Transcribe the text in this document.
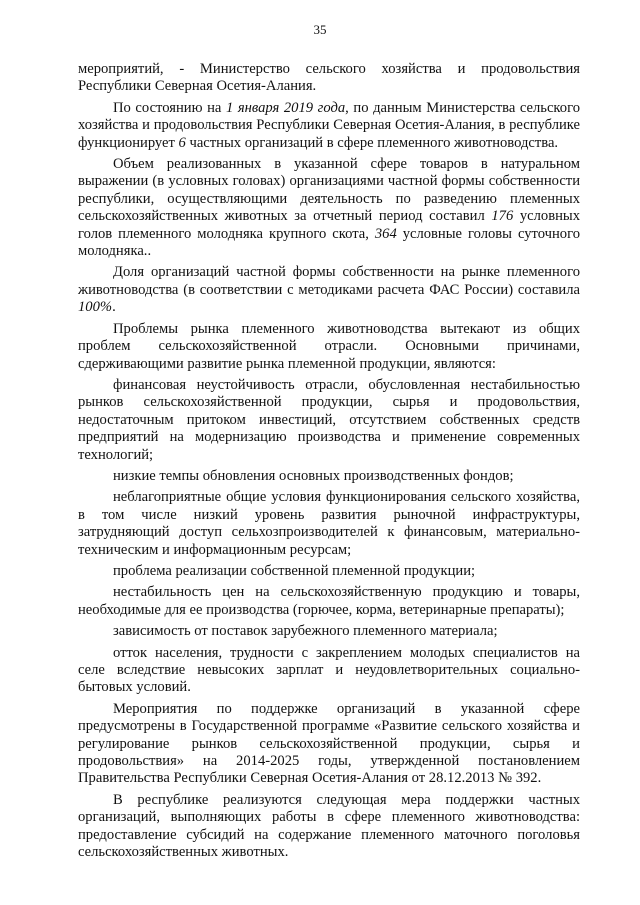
35

мероприятий, - Министерство сельского хозяйства и продовольствия Республики Северная Осетия-Алания.

По состоянию на 1 января 2019 года, по данным Министерства сельского хозяйства и продовольствия Республики Северная Осетия-Алания, в республике функционирует 6 частных организаций в сфере племенного животноводства.

Объем реализованных в указанной сфере товаров в натуральном выражении (в условных головах) организациями частной формы собственности республики, осуществляющими деятельность по разведению племенных сельскохозяйственных животных за отчетный период составил 176 условных голов племенного молодняка крупного скота, 364 условные головы суточного молодняка..

Доля организаций частной формы собственности на рынке племенного животноводства (в соответствии с методиками расчета ФАС России) составила 100%.

Проблемы рынка племенного животноводства вытекают из общих проблем сельскохозяйственной отрасли. Основными причинами, сдерживающими развитие рынка племенной продукции, являются:

финансовая неустойчивость отрасли, обусловленная нестабильностью рынков сельскохозяйственной продукции, сырья и продовольствия, недостаточным притоком инвестиций, отсутствием собственных средств предприятий на модернизацию производства и применение современных технологий;

низкие темпы обновления основных производственных фондов;

неблагоприятные общие условия функционирования сельского хозяйства, в том числе низкий уровень развития рыночной инфраструктуры, затрудняющий доступ сельхозпроизводителей к финансовым, материально-техническим и информационным ресурсам;

проблема реализации собственной племенной продукции;

нестабильность цен на сельскохозяйственную продукцию и товары, необходимые для ее производства (горючее, корма, ветеринарные препараты);

зависимость от поставок зарубежного племенного материала;

отток населения, трудности с закреплением молодых специалистов на селе вследствие невысоких зарплат и неудовлетворительных социально-бытовых условий.

Мероприятия по поддержке организаций в указанной сфере предусмотрены в Государственной программе «Развитие сельского хозяйства и регулирование рынков сельскохозяйственной продукции, сырья и продовольствия» на 2014-2025 годы, утвержденной постановлением Правительства Республики Северная Осетия-Алания от 28.12.2013 № 392.

В республике реализуются следующая мера поддержки частных организаций, выполняющих работы в сфере племенного животноводства: предоставление субсидий на содержание племенного маточного поголовья сельскохозяйственных животных.
